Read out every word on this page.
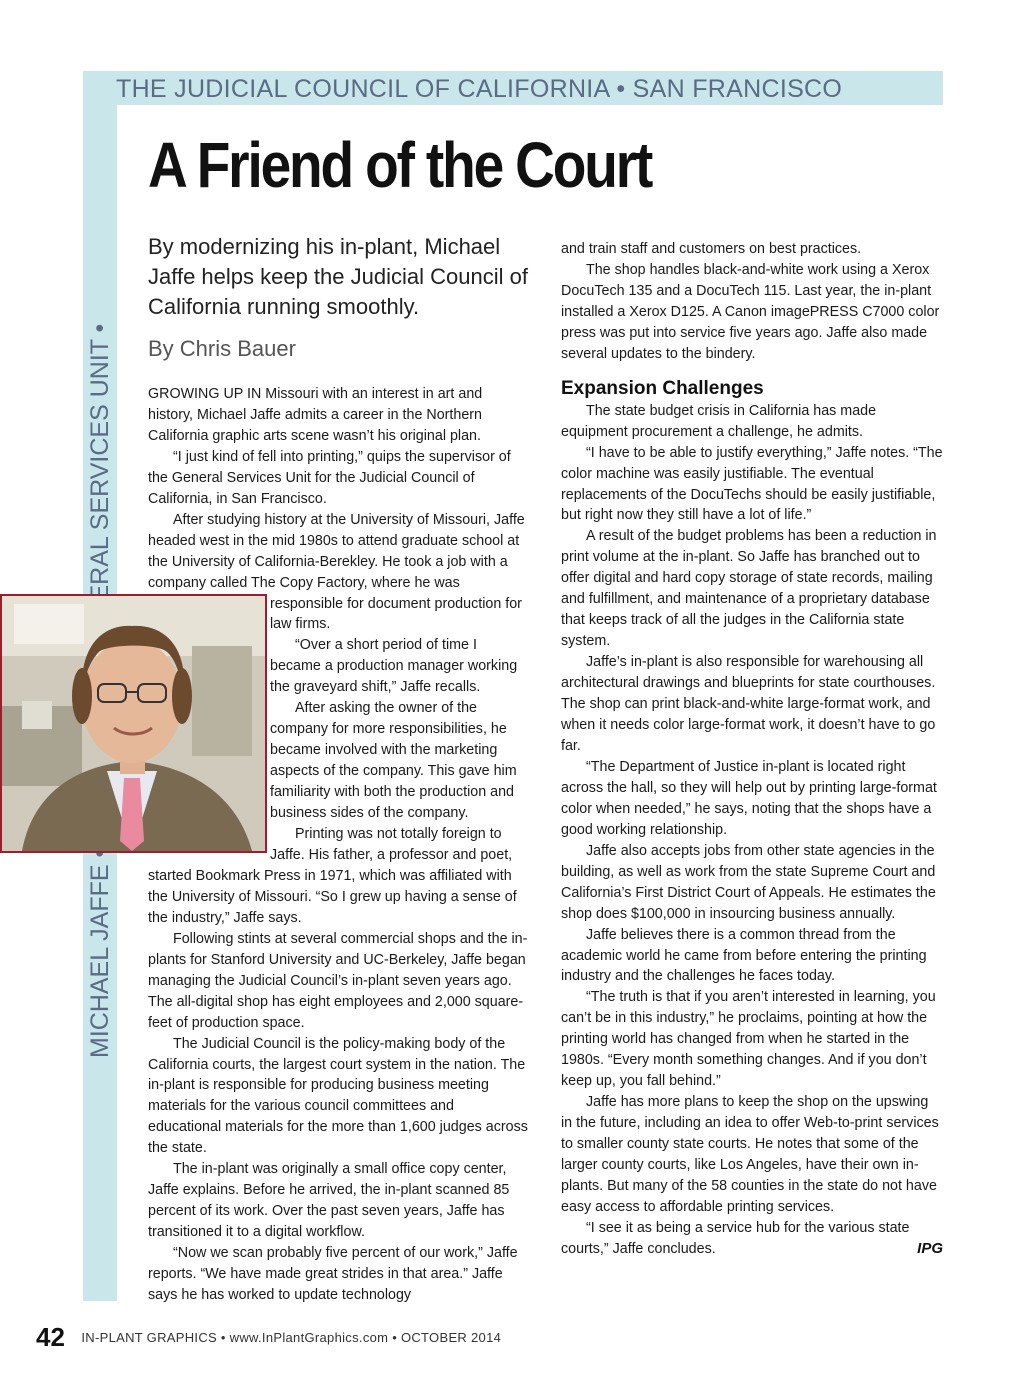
THE JUDICIAL COUNCIL OF CALIFORNIA • SAN FRANCISCO
A Friend of the Court

By modernizing his in-plant, Michael Jaffe helps keep the Judicial Council of California running smoothly.

By Chris Bauer

GROWING UP IN Missouri with an interest in art and history, Michael Jaffe admits a career in the Northern California graphic arts scene wasn’t his original plan.

“I just kind of fell into printing,” quips the supervisor of the General Services Unit for the Judicial Council of California, in San Francisco.

After studying history at the University of Missouri, Jaffe headed west in the mid 1980s to attend graduate school at the University of California-Berekley. He took a job with a company called The Copy Factory, where he was responsible for document production for law firms.

“Over a short period of time I became a production manager working the graveyard shift,” Jaffe recalls.

After asking the owner of the company for more responsibilities, he became involved with the marketing aspects of the company. This gave him familiarity with both the production and business sides of the company.

Printing was not totally foreign to Jaffe. His father, a professor and poet, started Bookmark Press in 1971, which was affiliated with the University of Missouri. “So I grew up having a sense of the industry,” Jaffe says.

Following stints at several commercial shops and the in-plants for Stanford University and UC-Berkeley, Jaffe began managing the Judicial Council’s in-plant seven years ago. The all-digital shop has eight employees and 2,000 square-feet of production space.

The Judicial Council is the policy-making body of the California courts, the largest court system in the nation. The in-plant is responsible for producing business meeting materials for the various council committees and educational materials for the more than 1,600 judges across the state.

The in-plant was originally a small office copy center, Jaffe explains. Before he arrived, the in-plant scanned 85 percent of its work. Over the past seven years, Jaffe has transitioned it to a digital workflow.

“Now we scan probably five percent of our work,” Jaffe reports. “We have made great strides in that area.” Jaffe says he has worked to update technology

and train staff and customers on best practices.

The shop handles black-and-white work using a Xerox DocuTech 135 and a DocuTech 115. Last year, the in-plant installed a Xerox D125. A Canon imagePRESS C7000 color press was put into service five years ago. Jaffe also made several updates to the bindery.

Expansion Challenges

The state budget crisis in California has made equipment procurement a challenge, he admits.

“I have to be able to justify everything,” Jaffe notes. “The color machine was easily justifiable. The eventual replacements of the DocuTechs should be easily justifiable, but right now they still have a lot of life.”

A result of the budget problems has been a reduction in print volume at the in-plant. So Jaffe has branched out to offer digital and hard copy storage of state records, mailing and fulfillment, and maintenance of a proprietary database that keeps track of all the judges in the California state system.

Jaffe’s in-plant is also responsible for warehousing all architectural drawings and blueprints for state courthouses. The shop can print black-and-white large-format work, and when it needs color large-format work, it doesn’t have to go far.

“The Department of Justice in-plant is located right across the hall, so they will help out by printing large-format color when needed,” he says, noting that the shops have a good working relationship.

Jaffe also accepts jobs from other state agencies in the building, as well as work from the state Supreme Court and California’s First District Court of Appeals. He estimates the shop does $100,000 in insourcing business annually.

Jaffe believes there is a common thread from the academic world he came from before entering the printing industry and the challenges he faces today.

“The truth is that if you aren’t interested in learning, you can’t be in this industry,” he proclaims, pointing at how the printing world has changed from when he started in the 1980s. “Every month something changes. And if you don’t keep up, you fall behind.”

Jaffe has more plans to keep the shop on the upswing in the future, including an idea to offer Web-to-print services to smaller county state courts. He notes that some of the larger county courts, like Los Angeles, have their own in-plants. But many of the 58 counties in the state do not have easy access to affordable printing services.

“I see it as being a service hub for the various state courts,” Jaffe concludes.	IPG

42 IN-PLANT GRAPHICS • www.InPlantGraphics.com • OCTOBER 2014
